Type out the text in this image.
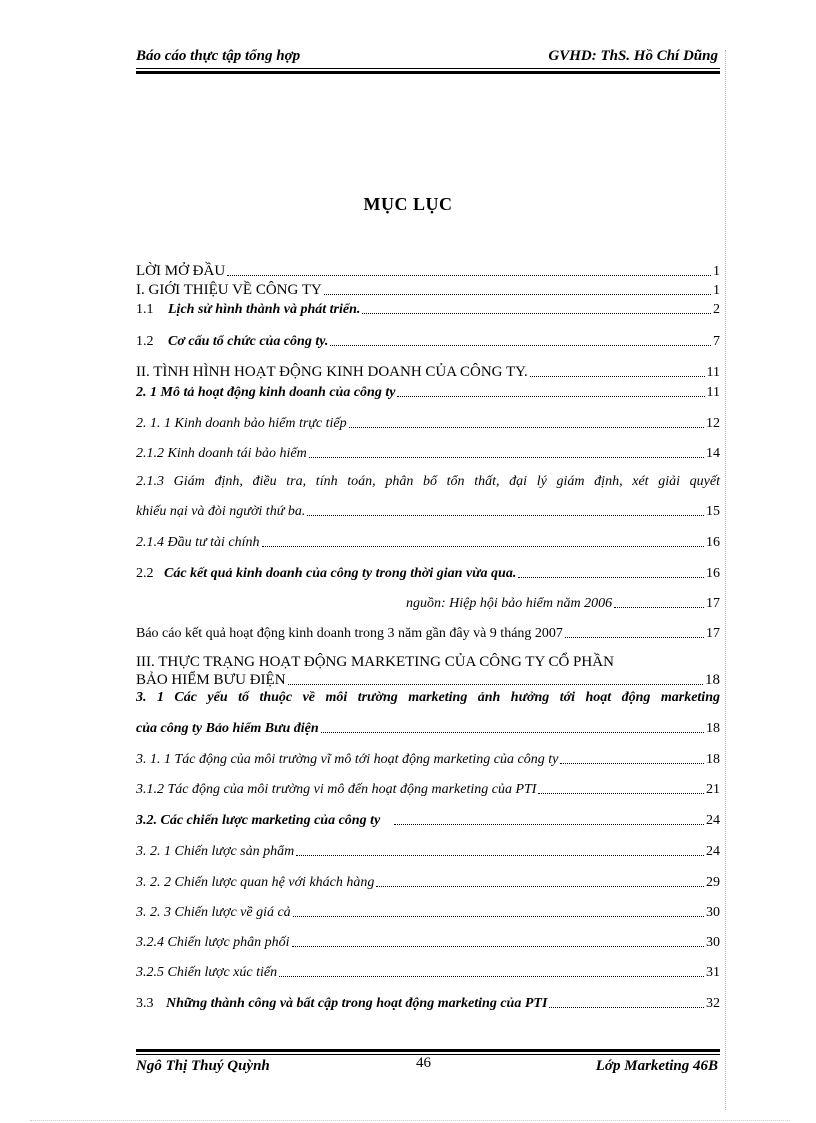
Báo cáo thực tập tổng hợp	GVHD: ThS. Hồ Chí Dũng
MỤC LỤC
LỜI MỞ ĐẦU	1
I. GIỚI THIỆU VỀ CÔNG TY	1
1.1	Lịch sử hình thành và phát triển.	2
1.2	Cơ cấu tổ chức của công ty.	7
II. TÌNH HÌNH HOẠT ĐỘNG KINH DOANH CỦA CÔNG TY.	11
2. 1 Mô tả hoạt động kinh doanh của công ty	11
2. 1. 1 Kinh doanh bảo hiểm trực tiếp	12
2.1.2 Kinh doanh tái bảo hiểm	14
2.1.3 Giám định, điều tra, tính toán, phân bổ tổn thất, đại lý giám định, xét giải quyết
khiếu nại và đòi người thứ ba.	15
2.1.4 Đầu tư tài chính	16
2.2 Các kết quả kinh doanh của công ty trong thời gian vừa qua.	16
nguồn: Hiệp hội bảo hiểm năm 2006	17
Báo cáo kết quả hoạt động kinh doanh trong 3 năm gần đây và 9 tháng 2007	17
III. THỰC TRẠNG HOẠT ĐỘNG MARKETING CỦA CÔNG TY CỔ PHẦN
BẢO HIỂM BƯU ĐIỆN	18
3. 1 Các yếu tố thuộc về môi trường marketing ảnh hưởng tới hoạt động marketing
của công ty Bảo hiểm Bưu điện	18
3. 1. 1 Tác động của môi trường vĩ mô tới hoạt động marketing của công ty	18
3.1.2 Tác động của môi trường vi mô đến hoạt động marketing của PTI	21
3.2. Các chiến lược marketing của công ty	24
3. 2. 1 Chiến lược sản phẩm	24
3. 2. 2 Chiến lược quan hệ với khách hàng	29
3. 2. 3 Chiến lược về giá cả	30
3.2.4 Chiến lược phân phối	30
3.2.5 Chiến lược xúc tiến	31
3.3 Những thành công và bất cập trong hoạt động marketing của PTI	32
Ngô Thị Thuý Quỳnh	46	Lớp Marketing 46B
